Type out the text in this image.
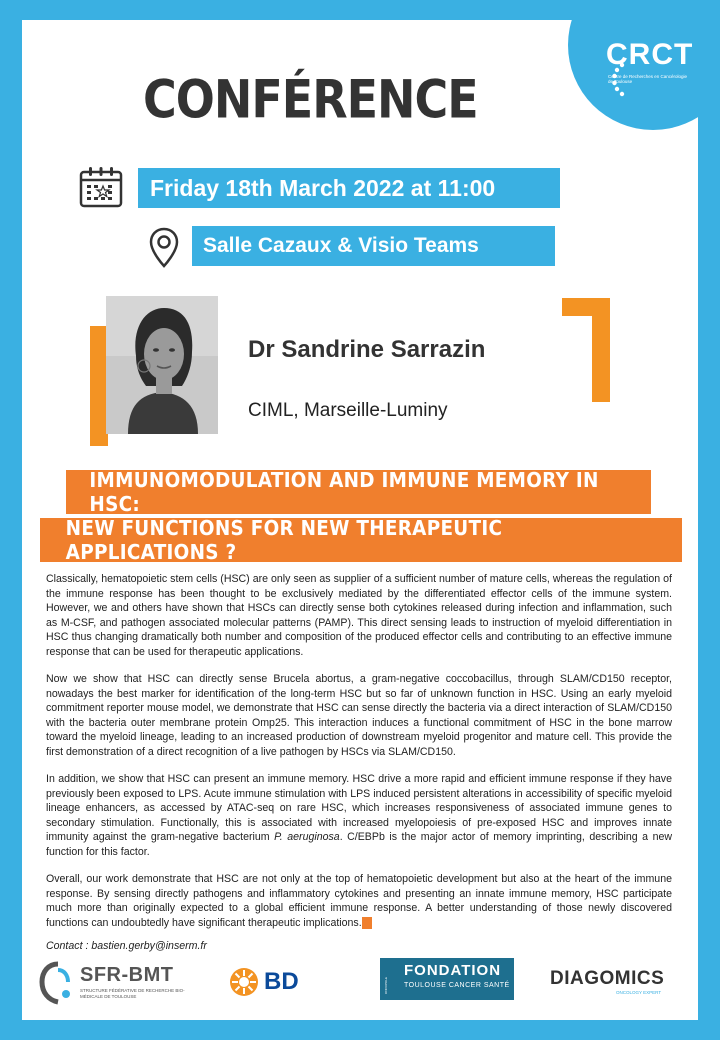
CRCT
Centre de Recherches en Cancérologie de Toulouse
CONFÉRENCE
Friday 18th March 2022 at 11:00
Salle Cazaux & Visio Teams
Dr Sandrine Sarrazin
CIML, Marseille-Luminy
IMMUNOMODULATION AND IMMUNE MEMORY IN HSC:
NEW FUNCTIONS FOR NEW THERAPEUTIC APPLICATIONS ?

Classically, hematopoietic stem cells (HSC) are only seen as supplier of a sufficient number of mature cells, whereas the regulation of the immune response has been thought to be exclusively mediated by the differentiated effector cells of the immune system. However, we and others have shown that HSCs can directly sense both cytokines released during infection and inflammation, such as M-CSF, and pathogen associated molecular patterns (PAMP). This direct sensing leads to instruction of myeloid differentiation in HSC thus changing dramatically both number and composition of the produced effector cells and contributing to an effective immune response that can be used for therapeutic applications.

Now we show that HSC can directly sense Brucela abortus, a gram-negative coccobacillus, through SLAM/CD150 receptor, nowadays the best marker for identification of the long-term HSC but so far of unknown function in HSC. Using an early myeloid commitment reporter mouse model, we demonstrate that HSC can sense directly the bacteria via a direct interaction of SLAM/CD150 with the bacteria outer membrane protein Omp25. This interaction induces a functional commitment of HSC in the bone marrow toward the myeloid lineage, leading to an increased production of downstream myeloid progenitor and mature cell. This provide the first demonstration of a direct recognition of a live pathogen by HSCs via SLAM/CD150.

In addition, we show that HSC can present an immune memory. HSC drive a more rapid and efficient immune response if they have previously been exposed to LPS. Acute immune stimulation with LPS induced persistent alterations in accessibility of specific myeloid lineage enhancers, as accessed by ATAC-seq on rare HSC, which increases responsiveness of associated immune genes to secondary stimulation. Functionally, this is associated with increased myelopoiesis of pre-exposed HSC and improves innate immunity against the gram-negative bacterium P. aeruginosa. C/EBPb is the major actor of memory imprinting, describing a new function for this factor.

Overall, our work demonstrate that HSC are not only at the top of hematopoietic development but also at the heart of the immune response. By sensing directly pathogens and inflammatory cytokines and presenting an innate immune memory, HSC participate much more than originally expected to a global efficient immune response. A better understanding of those newly discovered functions can undoubtedly have significant therapeutic implications.

Contact : bastien.gerby@inserm.fr
SFR-BMT
STRUCTURE FÉDÉRATIVE DE RECHERCHE BIO-MÉDICALE DE TOULOUSE
BD	ONCOPOLE
FONDATION
TOULOUSE CANCER SANTÉ DIAGOMICS
ONCOLOGY EXPERT
